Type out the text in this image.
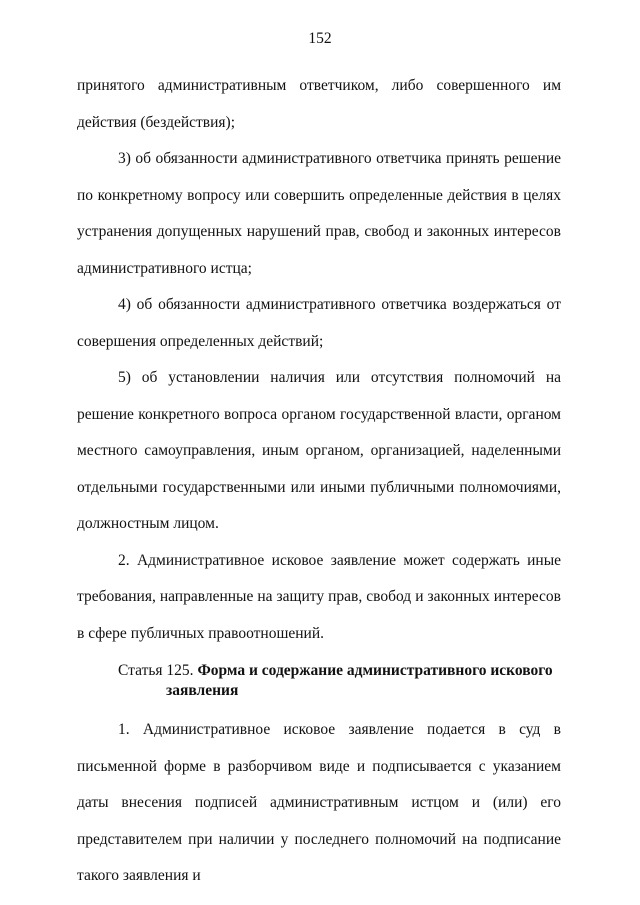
152

принятого административным ответчиком, либо совершенного им действия (бездействия);

3) об обязанности административного ответчика принять решение по конкретному вопросу или совершить определенные действия в целях устранения допущенных нарушений прав, свобод и законных интересов административного истца;

4) об обязанности административного ответчика воздержаться от совершения определенных действий;

5) об установлении наличия или отсутствия полномочий на решение конкретного вопроса органом государственной власти, органом местного самоуправления, иным органом, организацией, наделенными отдельными государственными или иными публичными полномочиями, должностным лицом.

2. Административное исковое заявление может содержать иные требования, направленные на защиту прав, свобод и законных интересов в сфере публичных правоотношений.

Статья 125. Форма и содержание административного искового
заявления

1. Административное исковое заявление подается в суд в письменной форме в разборчивом виде и подписывается с указанием даты внесения подписей административным истцом и (или) его представителем при наличии у последнего полномочий на подписание такого заявления и
